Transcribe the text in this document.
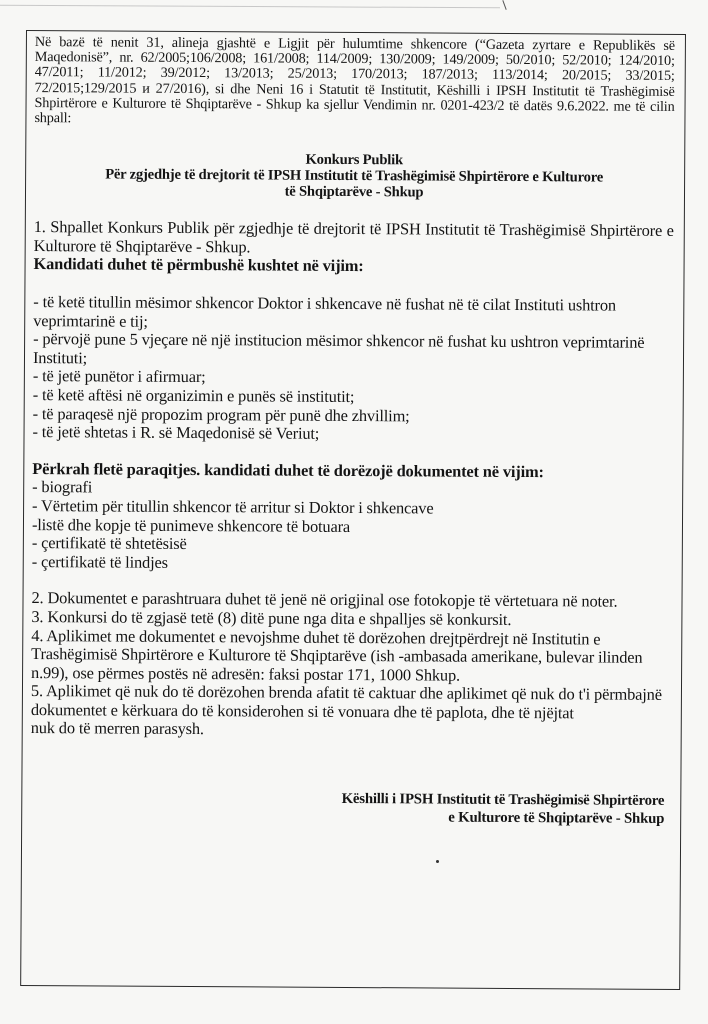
Në bazë të nenit 31, alineja gjashtë e Ligjit për hulumtime shkencore (“Gazeta zyrtare e Republikës së Maqedonisë”, nr. 62/2005;106/2008; 161/2008; 114/2009; 130/2009; 149/2009; 50/2010; 52/2010; 124/2010; 47/2011; 11/2012; 39/2012; 13/2013; 25/2013; 170/2013; 187/2013; 113/2014; 20/2015; 33/2015; 72/2015;129/2015 и 27/2016), si dhe Neni 16 i Statutit të Institutit, Këshilli i IPSH Institutit të Trashëgimisë Shpirtërore e Kulturore të Shqiptarëve - Shkup ka sjellur Vendimin nr. 0201-423/2 të datës 9.6.2022. me të cilin shpall:

Konkurs Publik
Për zgjedhje të drejtorit të IPSH Institutit të Trashëgimisë Shpirtërore e Kulturore
të Shqiptarëve - Shkup
1. Shpallet Konkurs Publik për zgjedhje të drejtorit të IPSH Institutit të Trashëgimisë Shpirtërore e Kulturore të Shqiptarëve - Shkup.
Kandidati duhet të përmbushë kushtet në vijim:
- të ketë titullin mësimor shkencor Doktor i shkencave në fushat në të cilat Instituti ushtron veprimtarinë e tij;
- përvojë pune 5 vjeçare në një institucion mësimor shkencor në fushat ku ushtron veprimtarinë Instituti;
- të jetë punëtor i afirmuar;
- të ketë aftësi në organizimin e punës së institutit;
- të paraqesë një propozim program për punë dhe zhvillim;
- të jetë shtetas i R. së Maqedonisë së Veriut;
Përkrah fletë paraqitjes. kandidati duhet të dorëzojë dokumentet në vijim:
- biografi
- Vërtetim për titullin shkencor të arritur si Doktor i shkencave
-listë dhe kopje të punimeve shkencore të botuara
- çertifikatë të shtetësisë
- çertifikatë të lindjes
2. Dokumentet e parashtruara duhet të jenë në origjinal ose fotokopje të vërtetuara në noter.
3. Konkursi do të zgjasë tetë (8) ditë pune nga dita e shpalljes së konkursit.
4. Aplikimet me dokumentet e nevojshme duhet të dorëzohen drejtpërdrejt në Institutin e Trashëgimisë Shpirtërore e Kulturore të Shqiptarëve (ish -ambasada amerikane, bulevar ilinden n.99), ose përmes postës në adresën: faksi postar 171, 1000 Shkup.
5. Aplikimet që nuk do të dorëzohen brenda afatit të caktuar dhe aplikimet që nuk do t'i përmbajnë dokumentet e kërkuara do të konsiderohen si të vonuara dhe të paplota, dhe të njëjtat
nuk do të merren parasysh.
Këshilli i IPSH Institutit të Trashëgimisë Shpirtërore
e Kulturore të Shqiptarëve - Shkup
